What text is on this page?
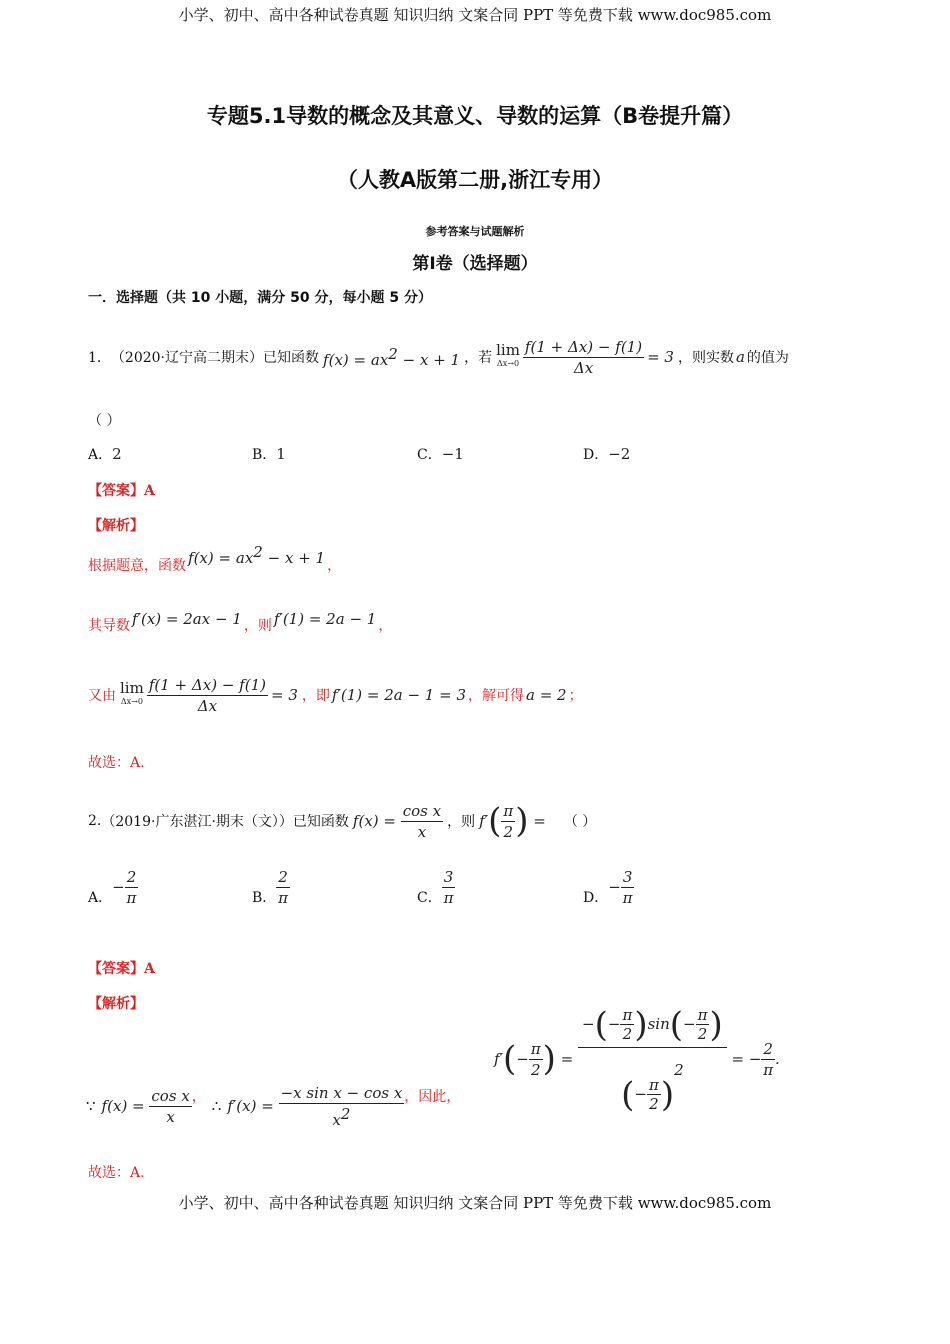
小学、初中、高中各种试卷真题 知识归纳 文案合同 PPT 等免费下载 www.doc985.com
专题5.1导数的概念及其意义、导数的运算（B卷提升篇）
（人教A版第二册,浙江专用）
参考答案与试题解析
第Ⅰ卷（选择题）
一．选择题（共 10 小题，满分 50 分，每小题 5 分）
1． （2020·辽宁高二期末）已知函数 $f(x) = ax^2 - x + 1$ ，若 lim
$\Delta x\to 0 \frac{f(1 + \Delta x) - f(1)}{\Delta x} = 3$ ，则实数 a 的值为
（ ）
A．2	B．1	C．−1	D．−2
【答案】A
【解析】
根据题意，函数 $f(x) = ax^2 - x + 1$ ，
其导数 f′(x) = 2ax − 1 ，则 f′(1) = 2a − 1 ，
又由 lim
$\Delta x\to 0 \frac{f(1 + \Delta x) - f(1)}{\Delta x} = 3$ ，即 f′(1) = 2a − 1 = 3 ，解可得 a = 2 ；
故选：A.
2. （2019·广东湛江·期末（文））已知函数 f ( x ) = $\frac{\text{cos x}}{x}$ ，则 f ′ ( $\frac{\pi}{2}$ ) = （ ）
A．
− $\frac{2}{\pi}$	B． $\frac{2}{\pi}$	C． $\frac{3}{\pi}$	D．
− $\frac{3}{\pi}$
【答案】A
【解析】
∵ f ( x ) = $\frac{\text{cos x}}{x}$ ， ∴ f ′( x ) = $\frac{\text{−x sin x − cos x}}{x^2}$ ，因此，
f ′ ( − $\frac{\pi}{2}$ ) = $\frac{-(- \frac{\pi}{2} )\sin(- \frac{\pi}{2} )}{(- \frac{\pi}{2} )^2}$ = − $\frac{2}{\pi}$ .
故选：A.
小学、初中、高中各种试卷真题 知识归纳 文案合同 PPT 等免费下载 www.doc985.com
